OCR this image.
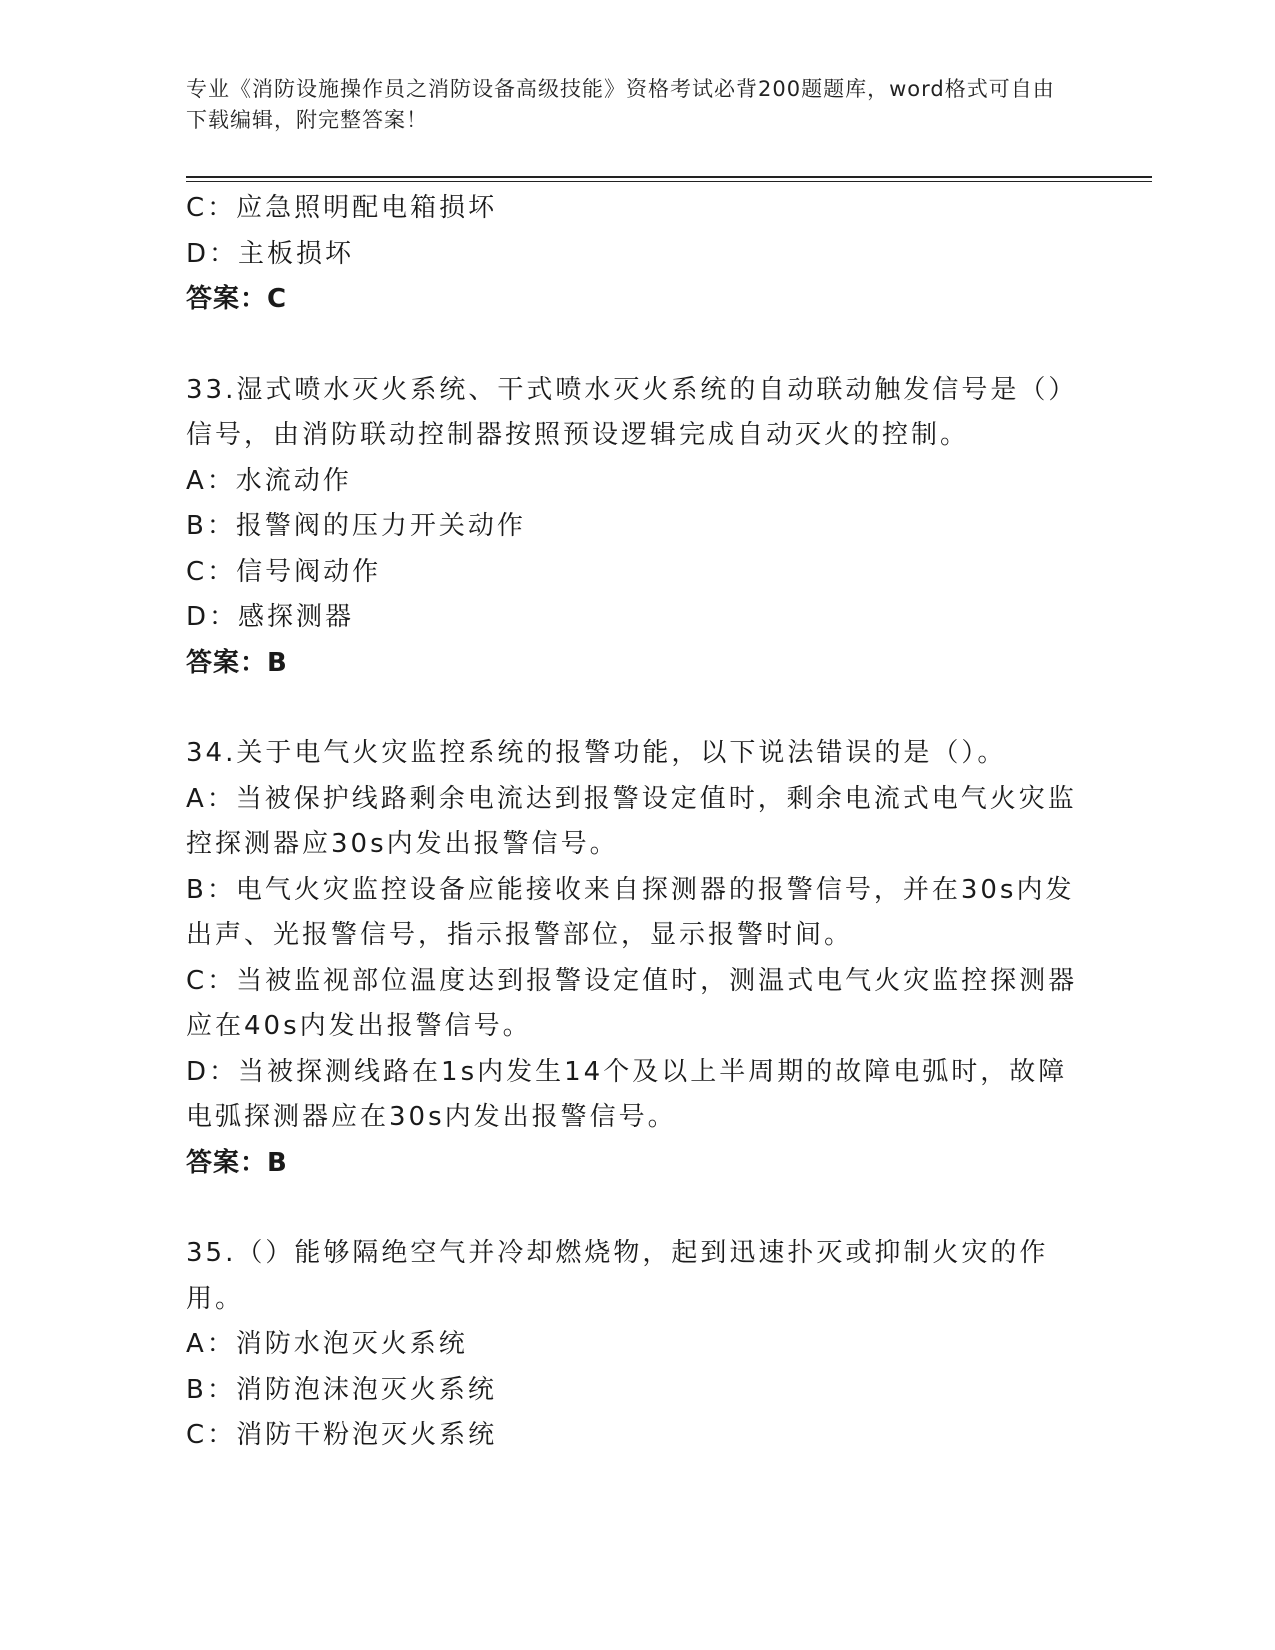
专业《消防设施操作员之消防设备高级技能》资格考试必背200题题库，word格式可自由下载编辑，附完整答案！

C：应急照明配电箱损坏

D：主板损坏

答案：C

33.湿式喷水灭火系统、干式喷水灭火系统的自动联动触发信号是（）信号，由消防联动控制器按照预设逻辑完成自动灭火的控制。

A：水流动作

B：报警阀的压力开关动作

C：信号阀动作

D：感探测器

答案：B

34.关于电气火灾监控系统的报警功能，以下说法错误的是（）。

A：当被保护线路剩余电流达到报警设定值时，剩余电流式电气火灾监控探测器应30s内发出报警信号。

B：电气火灾监控设备应能接收来自探测器的报警信号，并在30s内发出声、光报警信号，指示报警部位，显示报警时间。

C：当被监视部位温度达到报警设定值时，测温式电气火灾监控探测器应在40s内发出报警信号。

D：当被探测线路在1s内发生14个及以上半周期的故障电弧时，故障电弧探测器应在30s内发出报警信号。

答案：B

35.（）能够隔绝空气并冷却燃烧物，起到迅速扑灭或抑制火灾的作用。

A：消防水泡灭火系统

B：消防泡沫泡灭火系统

C：消防干粉泡灭火系统
